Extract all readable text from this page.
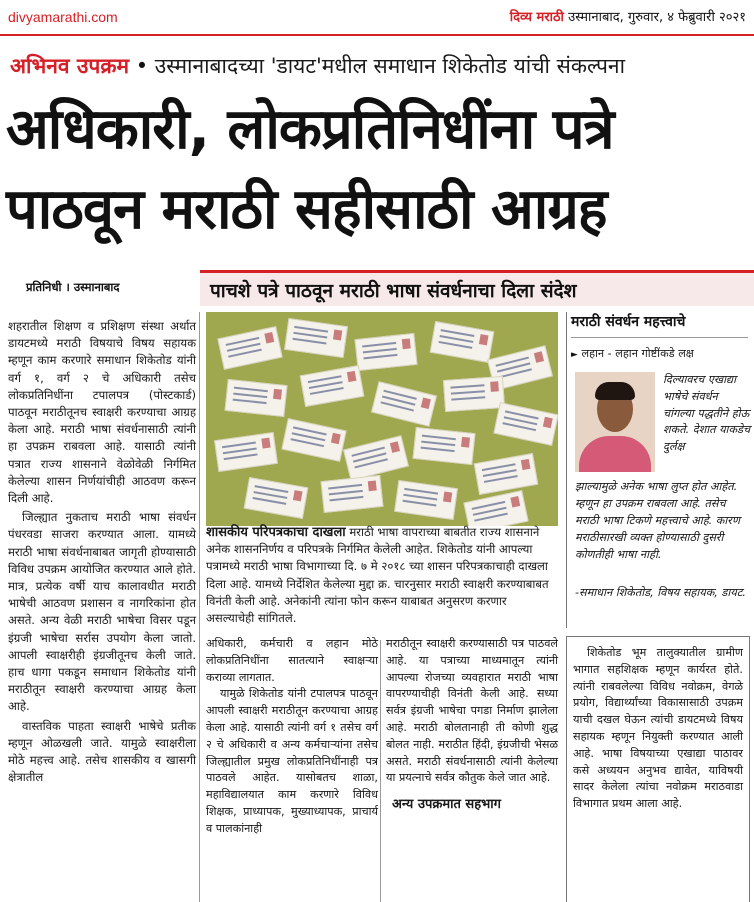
divyamarathi.com	दिव्य मराठी उस्मानाबाद, गुरुवार, ४ फेब्रुवारी २०२१
अभिनव उपक्रम • उस्मानाबादच्या 'डायट'मधील समाधान शिकेतोड यांची संकल्पना
अधिकारी, लोकप्रतिनिधींना पत्रे
पाठवून मराठी सहीसाठी आग्रह
प्रतिनिधी । उस्मानाबाद

शहरातील शिक्षण व प्रशिक्षण संस्था अर्थात डायटमध्ये मराठी विषयाचे विषय सहायक म्हणून काम करणारे समाधान शिकेतोड यांनी वर्ग १, वर्ग २ चे अधिकारी तसेच लोकप्रतिनिधींना टपालपत्र (पोस्टकार्ड) पाठवून मराठीतूनच स्वाक्षरी करण्याचा आग्रह केला आहे. मराठी भाषा संवर्धनासाठी त्यांनी हा उपक्रम राबवला आहे. यासाठी त्यांनी पत्रात राज्य शासनाने वेळोवेळी निर्गमित केलेल्या शासन निर्णयांचीही आठवण करून दिली आहे.

जिल्ह्यात नुकताच मराठी भाषा संवर्धन पंधरवडा साजरा करण्यात आला. यामध्ये मराठी भाषा संवर्धनाबाबत जागृती होण्यासाठी विविध उपक्रम आयोजित करण्यात आले होते. मात्र, प्रत्येक वर्षी याच कालावधीत मराठी भाषेची आठवण प्रशासन व नागरिकांना होत असते. अन्य वेळी मराठी भाषेचा विसर पडून इंग्रजी भाषेचा सर्रास उपयोग केला जातो. आपली स्वाक्षरीही इंग्रजीतूनच केली जाते. हाच धागा पकडून समाधान शिकेतोड यांनी मराठीतून स्वाक्षरी करण्याचा आग्रह केला आहे.

वास्तविक पाहता स्वाक्षरी भाषेचे प्रतीक म्हणून ओळखली जाते. यामुळे स्वाक्षरीला मोठे महत्त्व आहे. तसेच शासकीय व खासगी क्षेत्रातील

पाचशे पत्रे पाठवून मराठी भाषा संवर्धनाचा दिला संदेश
शासकीय परिपत्रकाचा दाखला मराठी भाषा वापराच्या बाबतीत राज्य शासनाने अनेक शासननिर्णय व परिपत्रके निर्गमित केलेली आहेत. शिकेतोड यांनी आपल्या पत्रामध्ये मराठी भाषा विभागाच्या दि. ७ मे २०१८ च्या शासन परिपत्रकाचाही दाखला दिला आहे. यामध्ये निर्देशित केलेल्या मुद्दा क्र. चारनुसार मराठी स्वाक्षरी करण्याबाबत विनंती केली आहे. अनेकांनी त्यांना फोन करून याबाबत अनुसरण करणार असल्याचेही सांगितले.
मराठी संवर्धन महत्त्वाचे
► लहान - लहान गोष्टींकडे लक्ष
दिल्यावरच एखाद्या भाषेचे संवर्धन चांगल्या पद्धतीने होऊ शकते. देशात याकडेच दुर्लक्ष
झाल्यामुळे अनेक भाषा लुप्त होत आहेत. म्हणून हा उपक्रम राबवला आहे. तसेच मराठी भाषा टिकणे महत्त्वाचे आहे. कारण मराठीसारखी व्यक्त होण्यासाठी दुसरी कोणतीही भाषा नाही.
-समाधान शिकेतोड, विषय सहायक, डायट.

अधिकारी, कर्मचारी व लहान मोठे लोकप्रतिनिधींना सातत्याने स्वाक्षऱ्या कराव्या लागतात.

यामुळे शिकेतोड यांनी टपालपत्र पाठवून आपली स्वाक्षरी मराठीतून करण्याचा आग्रह केला आहे. यासाठी त्यांनी वर्ग १ तसेच वर्ग २ चे अधिकारी व अन्य कर्मचाऱ्यांना तसेच जिल्ह्यातील प्रमुख लोकप्रतिनिधींनाही पत्र पाठवले आहेत. यासोबतच शाळा, महाविद्यालयात काम करणारे विविध शिक्षक, प्राध्यापक, मुख्याध्यापक, प्राचार्य व पालकांनाही

मराठीतून स्वाक्षरी करण्यासाठी पत्र पाठवले आहे. या पत्राच्या माध्यमातून त्यांनी आपल्या रोजच्या व्यवहारात मराठी भाषा वापरण्याचीही विनंती केली आहे. सध्या सर्वत्र इंग्रजी भाषेचा पगडा निर्माण झालेला आहे. मराठी बोलतानाही ती कोणी शुद्ध बोलत नाही. मराठीत हिंदी, इंग्रजीची भेसळ असते. मराठी संवर्धनासाठी त्यांनी केलेल्या या प्रयत्नाचे सर्वत्र कौतुक केले जात आहे.

अन्य उपक्रमात सहभाग

शिकेतोड भूम तालुक्यातील ग्रामीण भागात सहशिक्षक म्हणून कार्यरत होते. त्यांनी राबवलेल्या विविध नवोक्रम, वेगळे प्रयोग, विद्यार्थ्यांच्या विकासासाठी उपक्रम याची दखल घेऊन त्यांची डायटमध्ये विषय सहायक म्हणून नियुक्ती करण्यात आली आहे. भाषा विषयाच्या एखाद्या पाठावर कसे अध्ययन अनुभव द्यावेत, याविषयी सादर केलेला त्यांचा नवोक्रम मराठवाडा विभागात प्रथम आला आहे.
